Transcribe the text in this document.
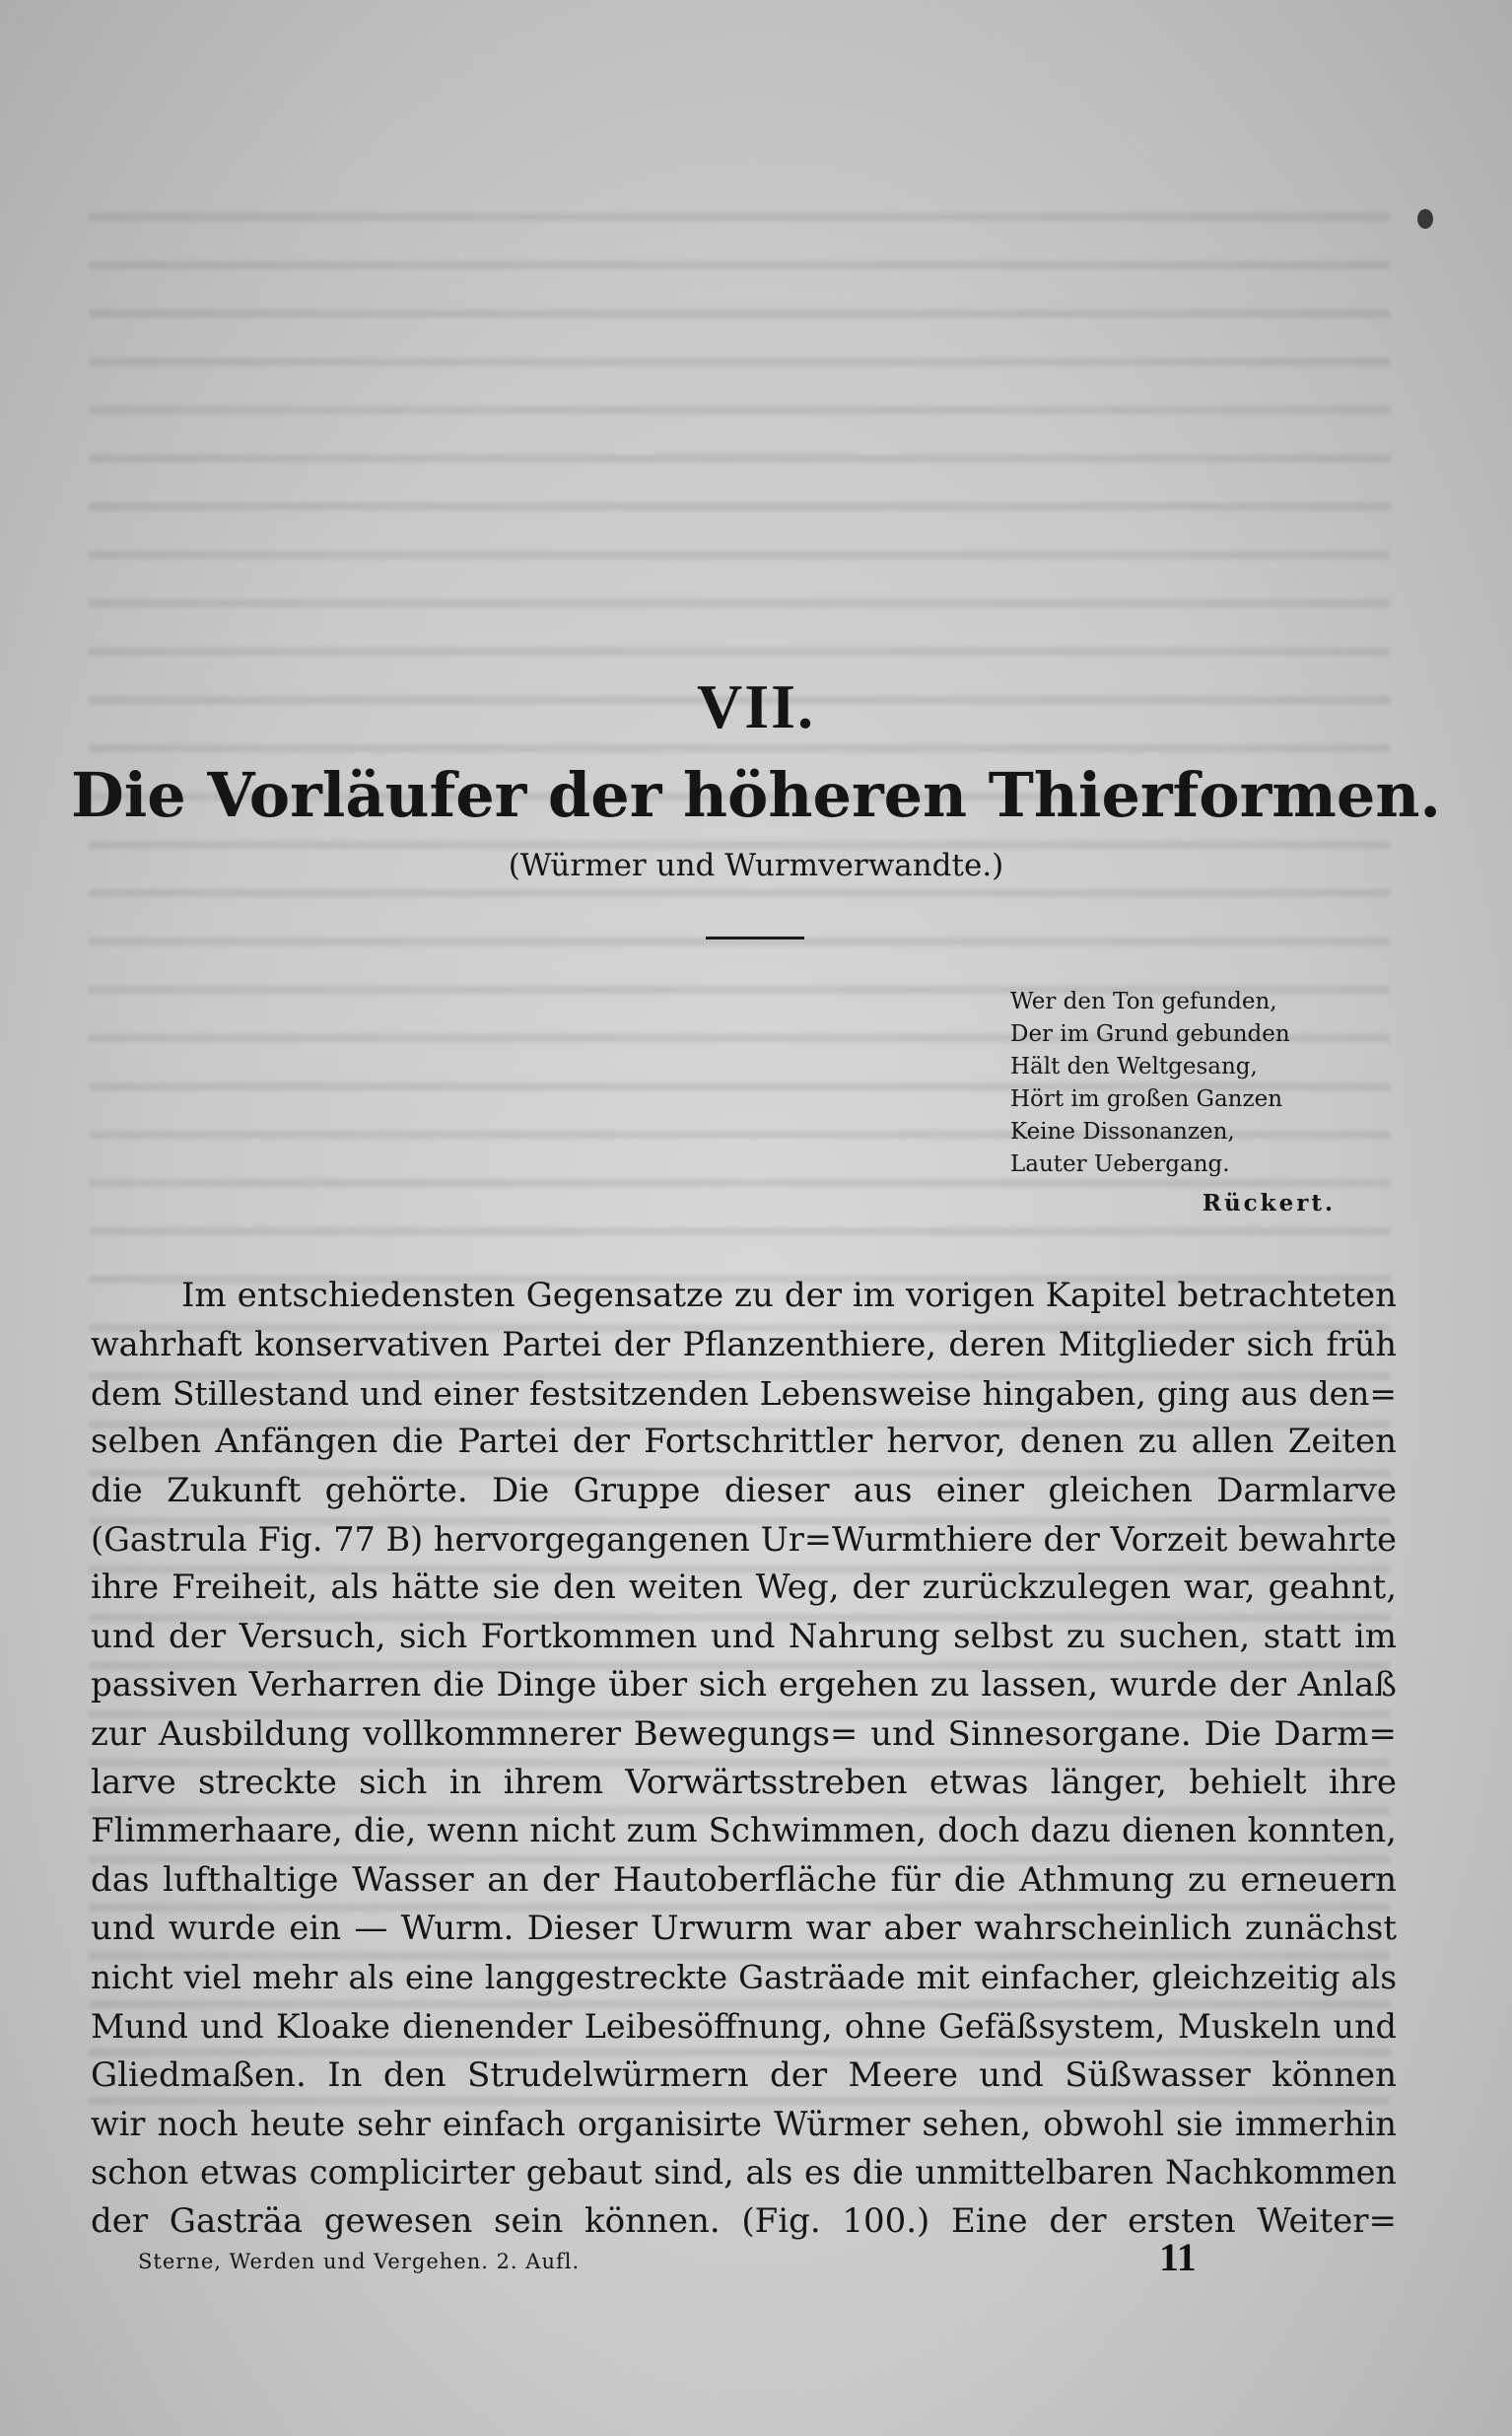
VII.
Die Vorläufer der höheren Thierformen.
(Würmer und Wurmverwandte.)
Wer den Ton gefunden,
Der im Grund gebunden
Hält den Weltgesang,
Hört im großen Ganzen
Keine Dissonanzen,
Lauter Uebergang.
Rückert.
Im entschiedensten Gegensatze zu der im vorigen Kapitel betrachteten
wahrhaft konservativen Partei der Pflanzenthiere, deren Mitglieder sich früh
dem Stillestand und einer festsitzenden Lebensweise hingaben, ging aus den=
selben Anfängen die Partei der Fortschrittler hervor, denen zu allen Zeiten
die Zukunft gehörte. Die Gruppe dieser aus einer gleichen Darmlarve
(Gastrula Fig. 77 B) hervorgegangenen Ur=Wurmthiere der Vorzeit bewahrte
ihre Freiheit, als hätte sie den weiten Weg, der zurückzulegen war, geahnt,
und der Versuch, sich Fortkommen und Nahrung selbst zu suchen, statt im
passiven Verharren die Dinge über sich ergehen zu lassen, wurde der Anlaß
zur Ausbildung vollkommnerer Bewegungs= und Sinnesorgane. Die Darm=
larve streckte sich in ihrem Vorwärtsstreben etwas länger, behielt ihre
Flimmerhaare, die, wenn nicht zum Schwimmen, doch dazu dienen konnten,
das lufthaltige Wasser an der Hautoberfläche für die Athmung zu erneuern
und wurde ein — Wurm. Dieser Urwurm war aber wahrscheinlich zunächst
nicht viel mehr als eine langgestreckte Gasträade mit einfacher, gleichzeitig als
Mund und Kloake dienender Leibesöffnung, ohne Gefäßsystem, Muskeln und
Gliedmaßen. In den Strudelwürmern der Meere und Süßwasser können
wir noch heute sehr einfach organisirte Würmer sehen, obwohl sie immerhin
schon etwas complicirter gebaut sind, als es die unmittelbaren Nachkommen
der Gasträa gewesen sein können. (Fig. 100.) Eine der ersten Weiter=
Sterne, Werden und Vergehen. 2. Aufl.	11
